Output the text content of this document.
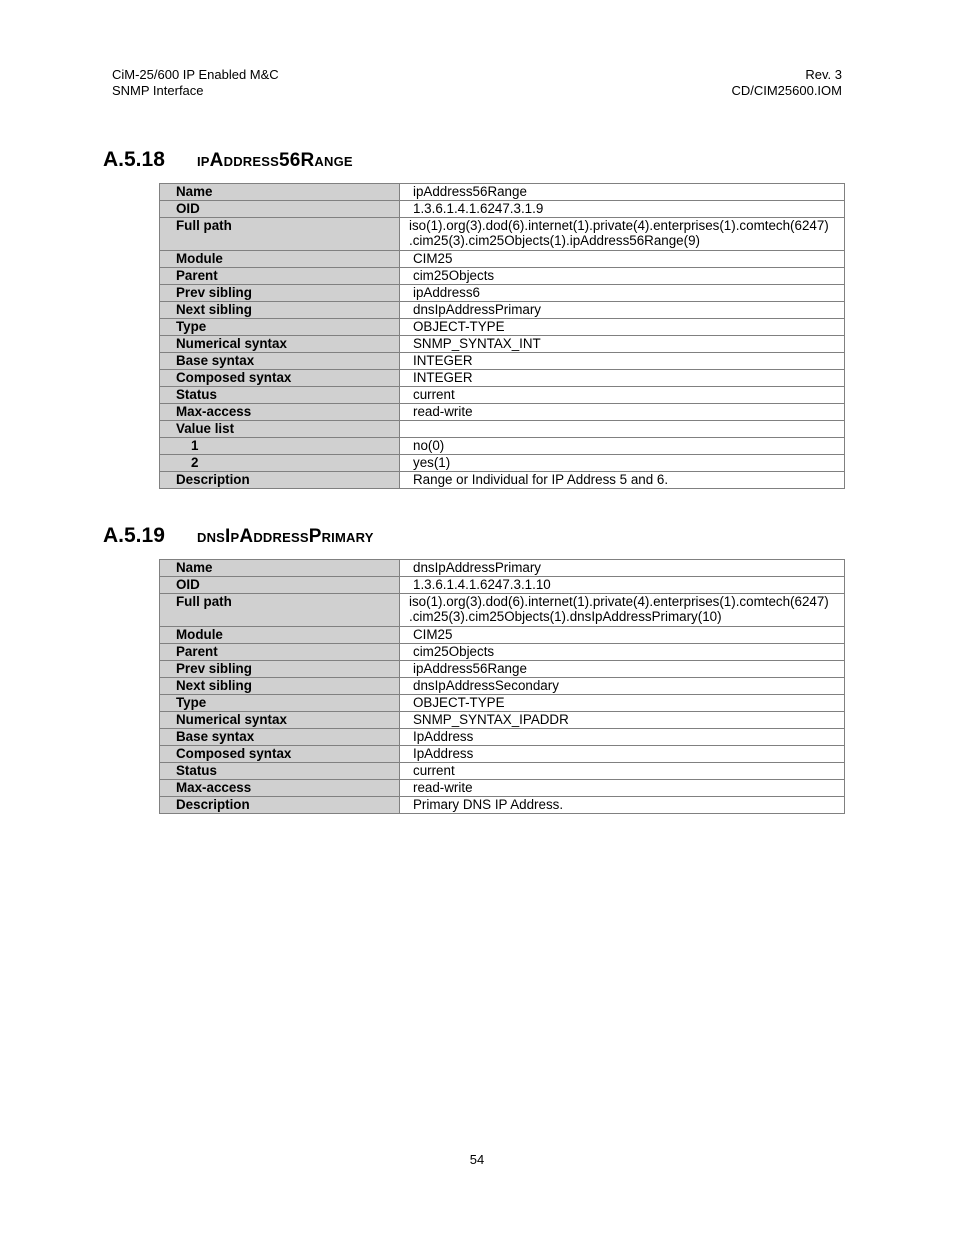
CiM-25/600 IP Enabled M&C
SNMP Interface
Rev. 3
CD/CIM25600.IOM
A.5.18 ipAddress56Range
Name	ipAddress56Range
OID	1.3.6.1.4.1.6247.3.1.9
Full path	iso(1).org(3).dod(6).internet(1).private(4).enterprises(1).comtech(6247)
.cim25(3).cim25Objects(1).ipAddress56Range(9)

Module	CIM25
Parent	cim25Objects
Prev sibling	ipAddress6
Next sibling	dnsIpAddressPrimary
Type	OBJECT-TYPE
Numerical syntax	SNMP_SYNTAX_INT
Base syntax	INTEGER
Composed syntax	INTEGER
Status	current
Max-access	read-write
Value list	
1	no(0)
2	yes(1)
Description	Range or Individual for IP Address 5 and 6.
A.5.19 dnsIpAddressPrimary
Name	dnsIpAddressPrimary
OID	1.3.6.1.4.1.6247.3.1.10
Full path	iso(1).org(3).dod(6).internet(1).private(4).enterprises(1).comtech(6247)
.cim25(3).cim25Objects(1).dnsIpAddressPrimary(10)

Module	CIM25
Parent	cim25Objects
Prev sibling	ipAddress56Range
Next sibling	dnsIpAddressSecondary
Type	OBJECT-TYPE
Numerical syntax	SNMP_SYNTAX_IPADDR
Base syntax	IpAddress
Composed syntax	IpAddress
Status	current
Max-access	read-write
Description	Primary DNS IP Address.
54
